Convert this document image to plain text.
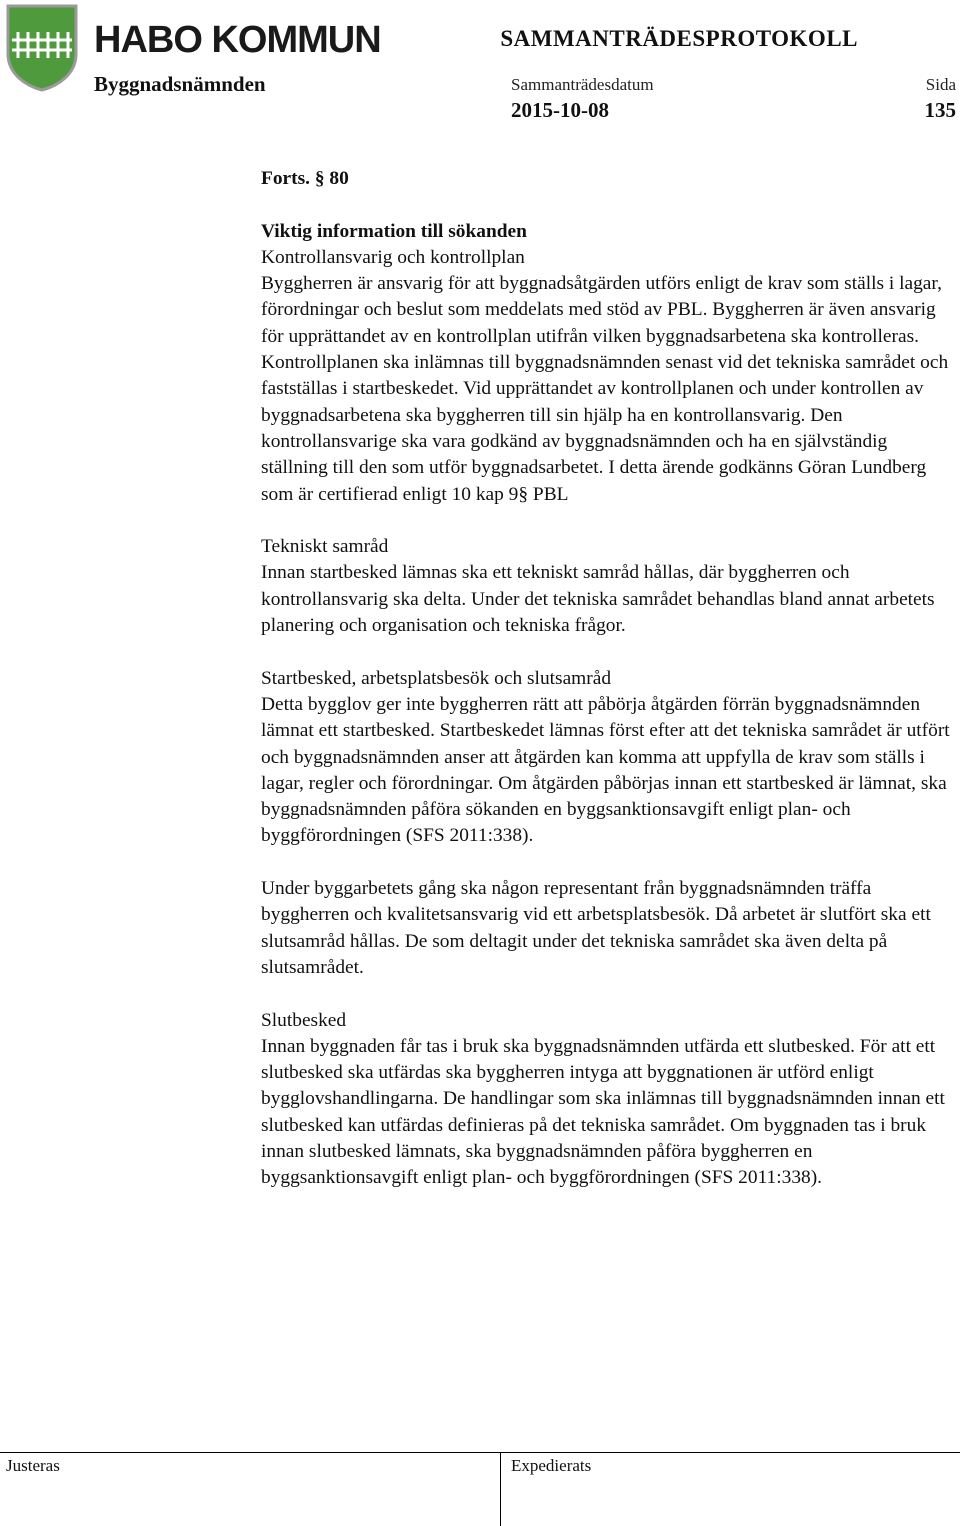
HABO KOMMUN	SAMMANTRÄDESPROTOKOLL
Byggnadsnämnden	Sammanträdesdatum
2015-10-08
Sida
135

Forts. § 80

Viktig information till sökanden

Kontrollansvarig och kontrollplan

Byggherren är ansvarig för att byggnadsåtgärden utförs enligt de krav som ställs i lagar, förordningar och beslut som meddelats med stöd av PBL. Byggherren är även ansvarig för upprättandet av en kontrollplan utifrån vilken byggnadsarbetena ska kontrolleras. Kontrollplanen ska inlämnas till byggnadsnämnden senast vid det tekniska samrådet och fastställas i startbeskedet. Vid upprättandet av kontrollplanen och under kontrollen av byggnadsarbetena ska byggherren till sin hjälp ha en kontrollansvarig. Den kontrollansvarige ska vara godkänd av byggnadsnämnden och ha en självständig ställning till den som utför byggnadsarbetet. I detta ärende godkänns Göran Lundberg som är certifierad enligt 10 kap 9§ PBL

Tekniskt samråd

Innan startbesked lämnas ska ett tekniskt samråd hållas, där byggherren och kontrollansvarig ska delta. Under det tekniska samrådet behandlas bland annat arbetets planering och organisation och tekniska frågor.

Startbesked, arbetsplatsbesök och slutsamråd

Detta bygglov ger inte byggherren rätt att påbörja åtgärden förrän byggnadsnämnden lämnat ett startbesked. Startbeskedet lämnas först efter att det tekniska samrådet är utfört och byggnadsnämnden anser att åtgärden kan komma att uppfylla de krav som ställs i lagar, regler och förordningar. Om åtgärden påbörjas innan ett startbesked är lämnat, ska byggnadsnämnden påföra sökanden en byggsanktionsavgift enligt plan- och byggförordningen (SFS 2011:338).

Under byggarbetets gång ska någon representant från byggnadsnämnden träffa byggherren och kvalitetsansvarig vid ett arbetsplatsbesök. Då arbetet är slutfört ska ett slutsamråd hållas. De som deltagit under det tekniska samrådet ska även delta på slutsamrådet.

Slutbesked

Innan byggnaden får tas i bruk ska byggnadsnämnden utfärda ett slutbesked. För att ett slutbesked ska utfärdas ska byggherren intyga att byggnationen är utförd enligt bygglovshandlingarna. De handlingar som ska inlämnas till byggnadsnämnden innan ett slutbesked kan utfärdas definieras på det tekniska samrådet. Om byggnaden tas i bruk innan slutbesked lämnats, ska byggnadsnämnden påföra byggherren en byggsanktionsavgift enligt plan- och byggförordningen (SFS 2011:338).

Justeras	Expedierats
